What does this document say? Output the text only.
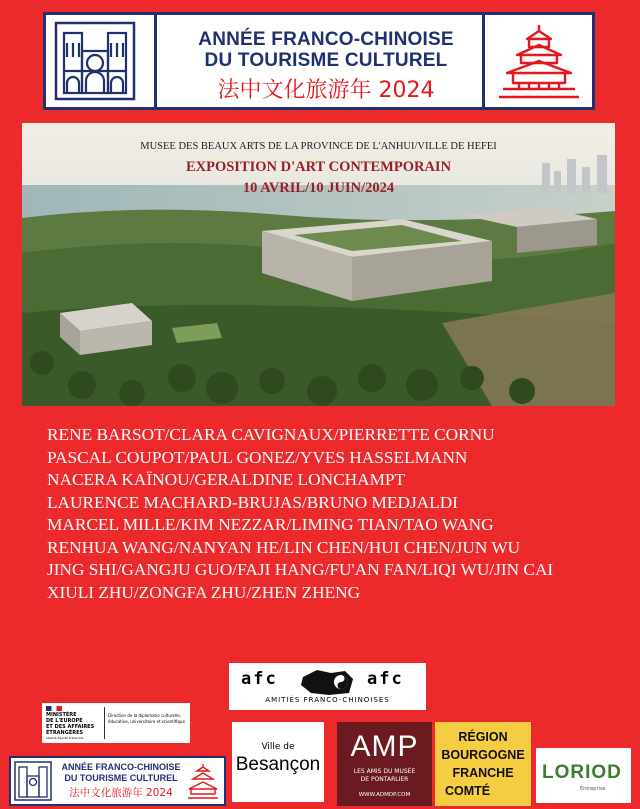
ANNÉE FRANCO-CHINOISE
DU TOURISME CULTUREL
法中文化旅游年 2024
MUSEE DES BEAUX ARTS DE LA PROVINCE DE L'ANHUI/VILLE DE HEFEI
EXPOSITION D'ART CONTEMPORAIN
10 AVRIL/10 JUIN/2024
RENE BARSOT/CLARA CAVIGNAUX/PIERRETTE CORNU
PASCAL COUPOT/PAUL GONEZ/YVES HASSELMANN
NACERA KAÏNOU/GERALDINE LONCHAMPT
LAURENCE MACHARD-BRUJAS/BRUNO MEDJALDI
MARCEL MILLE/KIM NEZZAR/LIMING TIAN/TAO WANG
RENHUA WANG/NANYAN HE/LIN CHEN/HUI CHEN/JUN WU
JING SHI/GANGJU GUO/FAJI HANG/FU'AN FAN/LIQI WU/JIN CAI
XIULI ZHU/ZONGFA ZHU/ZHEN ZHENG
afc	afc
AMITIÉS FRANCO-CHINOISES
MINISTÈRE
DE L'EUROPE
ET DES AFFAIRES
ÉTRANGÈRES
Liberté Égalité Fraternité
Direction de la diplomatie culturelle, éducative, universitaire et scientifique
ANNÉE FRANCO-CHINOISE
DU TOURISME CULTUREL
法中文化旅游年 2024
Ville de
Besançon
AMP
LES AMIS DU MUSÉE
DE PONTARLIER
WWW.ADMDP.COM
RÉGION
BOURGOGNE
FRANCHE
COMTÉ
LORIOD
Entreprise
